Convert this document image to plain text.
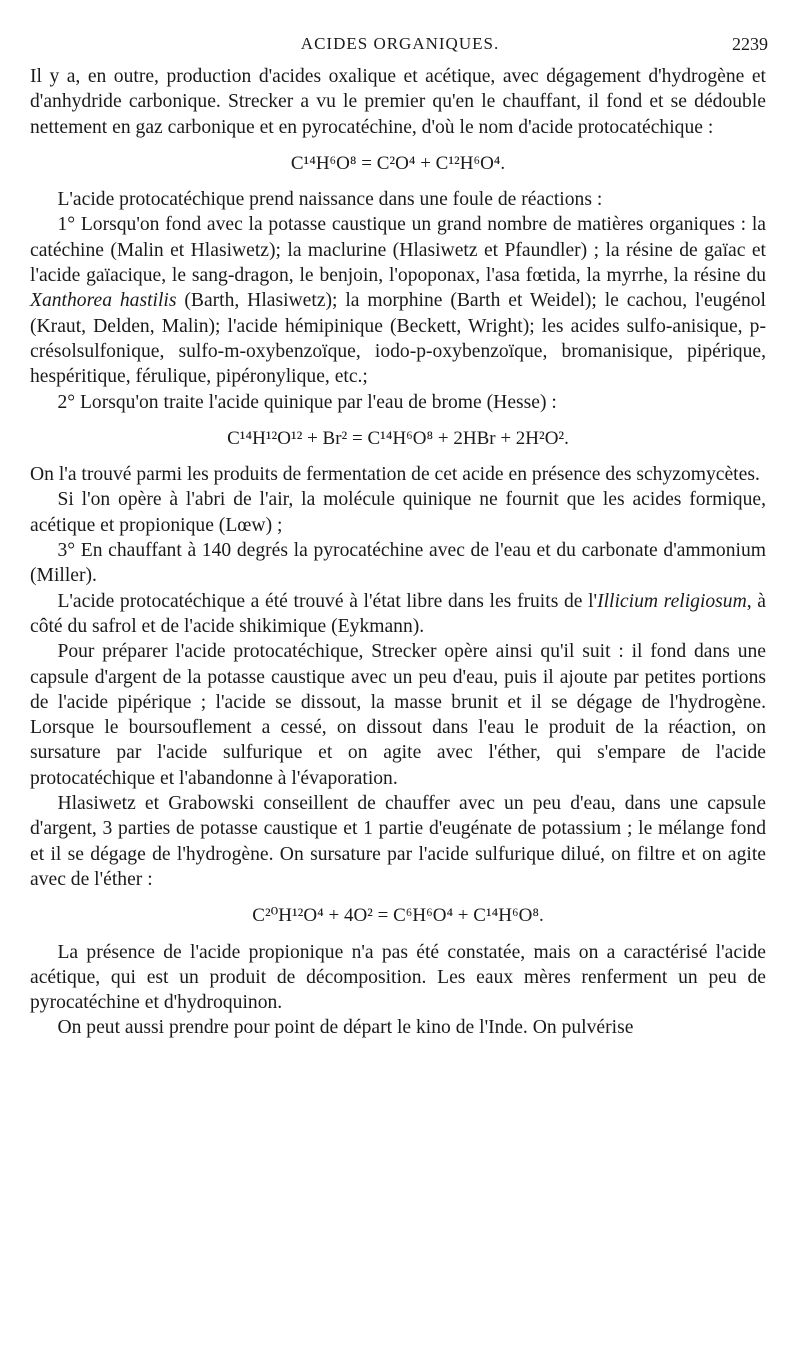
ACIDES ORGANIQUES.	2239

Il y a, en outre, production d'acides oxalique et acétique, avec dégagement d'hydrogène et d'anhydride carbonique. Strecker a vu le premier qu'en le chauffant, il fond et se dédouble nettement en gaz carbonique et en pyrocatéchine, d'où le nom d'acide protocatéchique :

C¹⁴H⁶O⁸ = C²O⁴ + C¹²H⁶O⁴.

L'acide protocatéchique prend naissance dans une foule de réactions :

1° Lorsqu'on fond avec la potasse caustique un grand nombre de matières organiques : la catéchine (Malin et Hlasiwetz); la maclurine (Hlasiwetz et Pfaundler) ; la résine de gaïac et l'acide gaïacique, le sang-dragon, le benjoin, l'opoponax, l'asa fœtida, la myrrhe, la résine du Xanthorea hastilis (Barth, Hlasiwetz); la morphine (Barth et Weidel); le cachou, l'eugénol (Kraut, Delden, Malin); l'acide hémipinique (Beckett, Wright); les acides sulfo-anisique, p-crésolsulfonique, sulfo-m-oxybenzoïque, iodo-p-oxybenzoïque, bromanisique, pipérique, hespéritique, férulique, pipéronylique, etc.;

2° Lorsqu'on traite l'acide quinique par l'eau de brome (Hesse) :

C¹⁴H¹²O¹² + Br² = C¹⁴H⁶O⁸ + 2HBr + 2H²O².

On l'a trouvé parmi les produits de fermentation de cet acide en présence des schyzomycètes.

Si l'on opère à l'abri de l'air, la molécule quinique ne fournit que les acides formique, acétique et propionique (Lœw) ;

3° En chauffant à 140 degrés la pyrocatéchine avec de l'eau et du carbonate d'ammonium (Miller).

L'acide protocatéchique a été trouvé à l'état libre dans les fruits de l'Illicium religiosum, à côté du safrol et de l'acide shikimique (Eykmann).

Pour préparer l'acide protocatéchique, Strecker opère ainsi qu'il suit : il fond dans une capsule d'argent de la potasse caustique avec un peu d'eau, puis il ajoute par petites portions de l'acide pipérique ; l'acide se dissout, la masse brunit et il se dégage de l'hydrogène. Lorsque le boursouflement a cessé, on dissout dans l'eau le produit de la réaction, on sursature par l'acide sulfurique et on agite avec l'éther, qui s'empare de l'acide protocatéchique et l'abandonne à l'évaporation.

Hlasiwetz et Grabowski conseillent de chauffer avec un peu d'eau, dans une capsule d'argent, 3 parties de potasse caustique et 1 partie d'eugénate de potassium ; le mélange fond et il se dégage de l'hydrogène. On sursature par l'acide sulfurique dilué, on filtre et on agite avec de l'éther :

C²⁰H¹²O⁴ + 4O² = C⁶H⁶O⁴ + C¹⁴H⁶O⁸.

La présence de l'acide propionique n'a pas été constatée, mais on a caractérisé l'acide acétique, qui est un produit de décomposition. Les eaux mères renferment un peu de pyrocatéchine et d'hydroquinon.

On peut aussi prendre pour point de départ le kino de l'Inde. On pulvérise
